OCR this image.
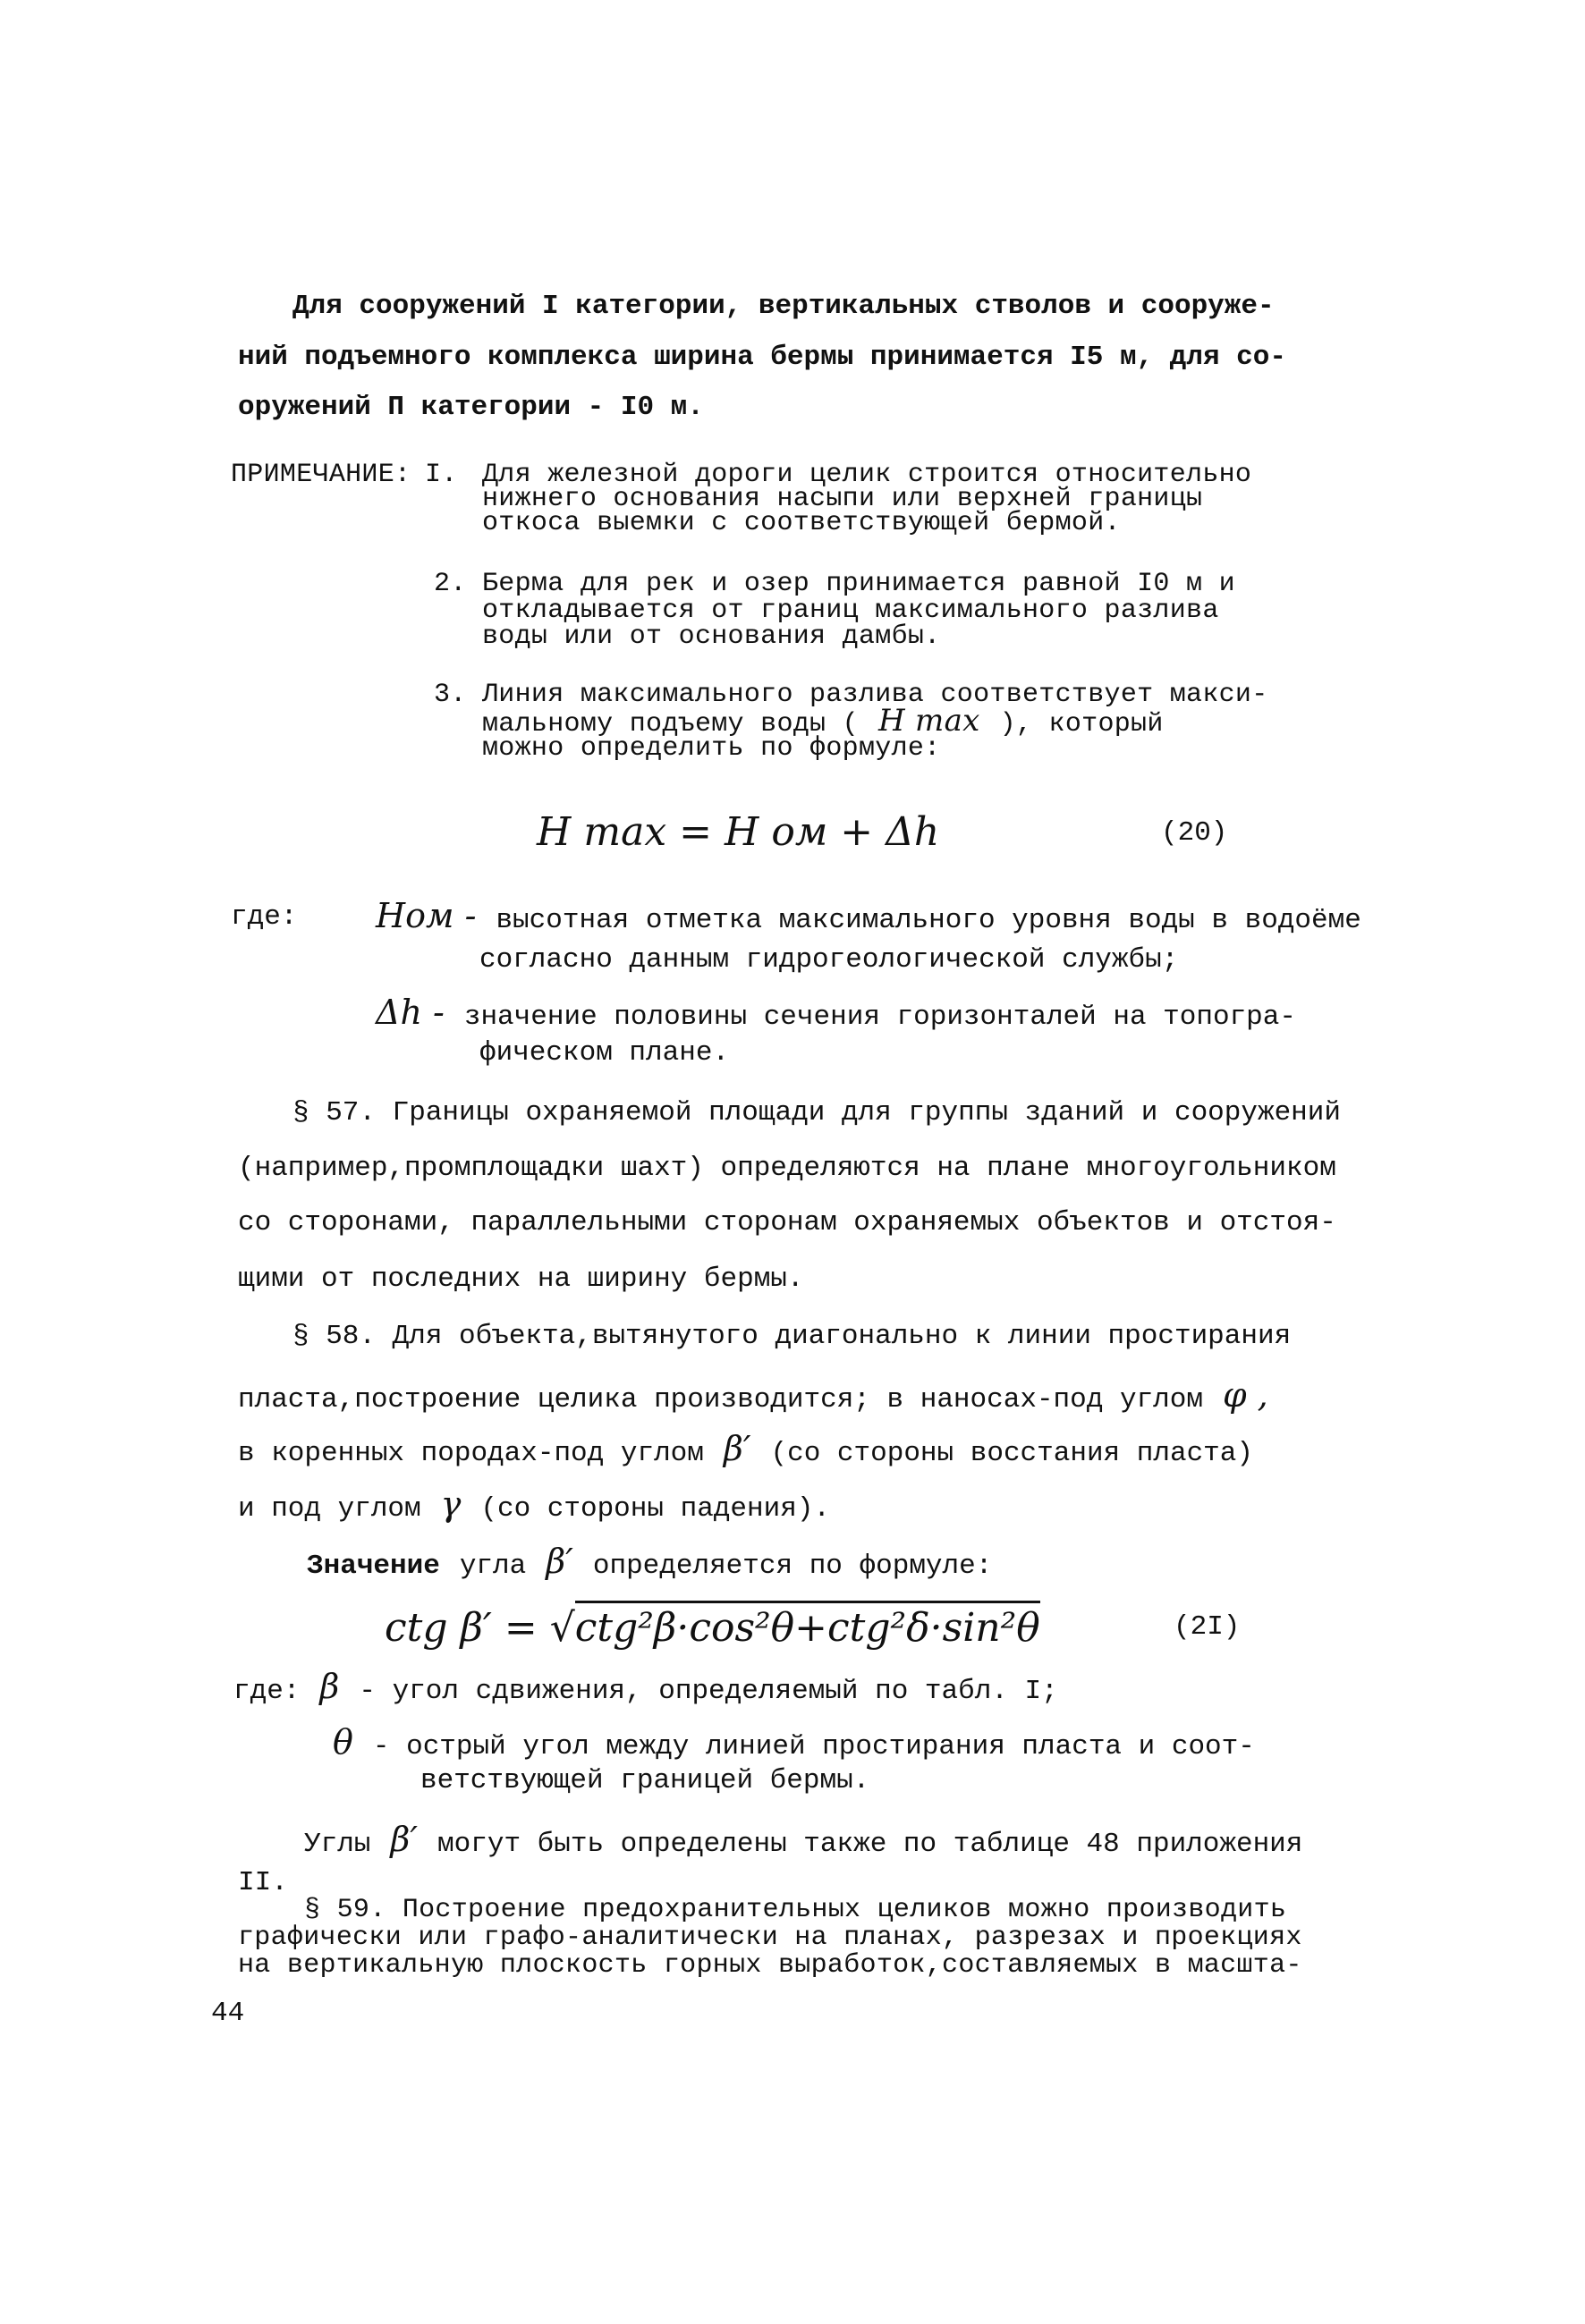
Для сооружений I категории, вертикальных стволов и сооруже-
ний подъемного комплекса ширина бермы принимается I5 м, для со-
оружений П категории - I0 м.
ПРИМЕЧАНИЕ: I. Для железной дороги целик строится относительно
нижнего основания насыпи или верхней границы
откоса выемки с соответствующей бермой.
2. Берма для рек и озер принимается равной I0 м и
откладывается от границ максимального разлива
воды или от основания дамбы.
3. Линия максимального разлива соответствует макси-
мальному подъему воды ( H max ), который
можно определить по формуле:
H max = H ом + Δh	(20)
где: Hом - высотная отметка максимального уровня воды в водоёме
согласно данным гидрогеологической службы;
Δh - значение половины сечения горизонталей на топогра-
фическом плане.
§ 57. Границы охраняемой площади для группы зданий и сооружений
(например,промплощадки шахт) определяются на плане многоугольником
со сторонами, параллельными сторонам охраняемых объектов и отстоя-
щими от последних на ширину бермы.
§ 58. Для объекта,вытянутого диагонально к линии простирания
пласта,построение целика производится; в наносах-под углом φ ,
в коренных породах-под углом β′ (со стороны восстания пласта)
и под углом γ (со стороны падения).
Значение угла β′ определяется по формуле:
ctg β′ = √ctg²β·cos²θ+ctg²δ·sin²θ	(2I)
где: β - угол сдвижения, определяемый по табл. I;
θ - острый угол между линией простирания пласта и соот-
ветствующей границей бермы.
Углы β′ могут быть определены также по таблице 48 приложения
II.
§ 59. Построение предохранительных целиков можно производить
графически или графо-аналитически на планах, разрезах и проекциях
на вертикальную плоскость горных выработок,составляемых в масшта-
44
